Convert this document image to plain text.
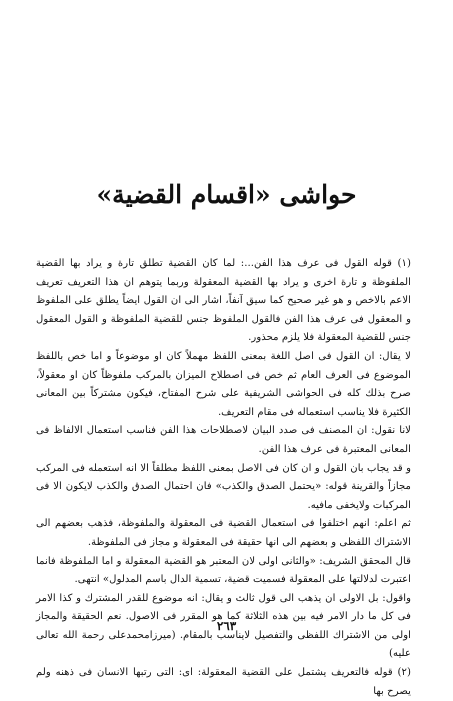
حواشى «اقسام القضية»

(١) قوله القول فى عرف هذا الفن...: لما كان القضية تطلق تارة و يراد بها القضية الملفوظة و تارة اخرى و يراد بها القضية المعقولة وربما يتوهم ان هذا التعريف تعريف الاعم بالاخص و هو غير صحيح كما سيق آنفاً، اشار الى ان القول ايضاً يطلق على الملفوظ و المعقول فى عرف هذا الفن فالقول الملفوظ جنس للقضية الملفوظة و القول المعقول جنس للقضية المعقولة فلا يلزم محذور.

لا يقال: ان القول فى اصل اللغة بمعنى اللفظ مهملاً كان او موضوعاً و اما خص باللفظ الموضوع فى العرف العام ثم خص فى اصطلاح الميزان بالمركب ملفوظاً كان او معقولاً، صرح بذلك كله فى الحواشى الشريفية على شرح المفتاح، فيكون مشتركاً بين المعانى الكثيرة فلا يناسب استعماله فى مقام التعريف.

لانا نقول: ان المصنف فى صدد البيان لاصطلاحات هذا الفن فناسب استعمال الالفاظ فى المعانى المعتبرة فى عرف هذا الفن.

و قد يجاب بان القول و ان كان فى الاصل بمعنى اللفظ مطلقاً الا انه استعمله فى المركب مجازاً والقرينة قوله: «يحتمل الصدق والكذب» فان احتمال الصدق والكذب لايكون الا فى المركبات ولايخفى مافيه.

ثم اعلم: انهم اختلفوا فى استعمال القضية فى المعقولة والملفوظة، فذهب بعضهم الى الاشتراك اللفظى و بعضهم الى انها حقيقة فى المعقولة و مجاز فى الملفوظة.

قال المحقق الشريف: «والثانى اولى لان المعتبر هو القضية المعقولة و اما الملفوظة فانما اعتبرت لدلالتها على المعقولة فسميت قضية، تسمية الدال باسم المدلول» انتهى.

واقول: بل الاولى ان يذهب الى قول ثالث و يقال: انه موضوع للقدر المشترك و كذا الامر فى كل ما دار الامر فيه بين هذه الثلاثة كما هو المقرر فى الاصول. نعم الحقيقة والمجاز اولى من الاشتراك اللفظى والتفصيل لايناسب بالمقام. (ميرزامحمدعلى رحمة الله تعالى عليه)

(٢) قوله فالتعريف يشتمل على القضية المعقولة: اى: التى رتبها الانسان فى ذهنه ولم يصرح بها

٢٦٣
